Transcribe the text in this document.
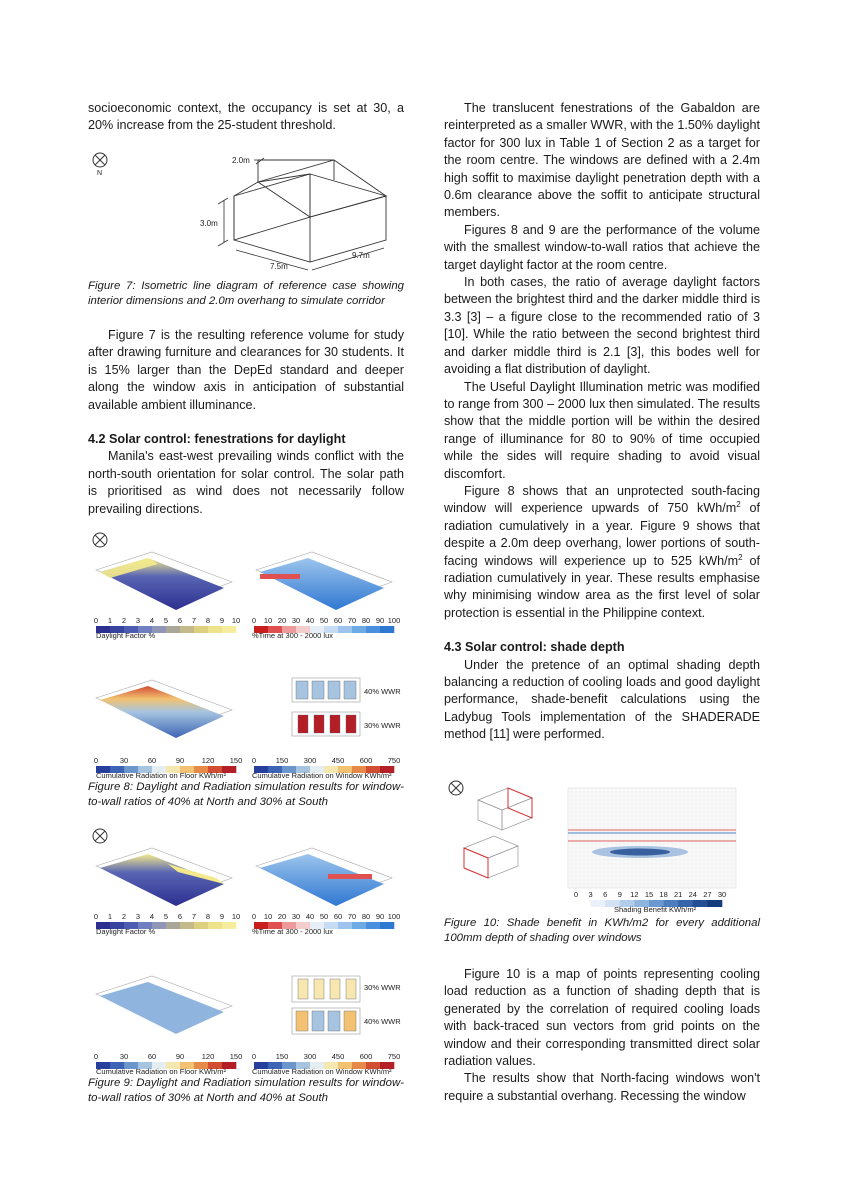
socioeconomic context, the occupancy is set at 30, a 20% increase from the 25-student threshold.

N
2.0m
3.0m
7.5m
9.7m
Figure 7: Isometric line diagram of reference case showing interior dimensions and 2.0m overhang to simulate corridor

Figure 7 is the resulting reference volume for study after drawing furniture and clearances for 30 students. It is 15% larger than the DepEd standard and deeper along the window axis in anticipation of substantial available ambient illuminance.

4.2 Solar control: fenestrations for daylight

Manila's east-west prevailing winds conflict with the north-south orientation for solar control. The solar path is prioritised as wind does not necessarily follow prevailing directions.

0 1 2 3 4 5 6 7 8 9 10 0 10 20 30 40 50 60 70 80 90 100
0	30	60	90 120 150 0	150 300 450 600 750
Daylight Factor %	%Time at 300 - 2000 lux
40% WWR
30% WWR
Cumulative Radiation on Floor KWh/m²	Cumulative Radiation on Window KWh/m²
Figure 8: Daylight and Radiation simulation results for window-to-wall ratios of 40% at North and 30% at South
0 1 2 3 4 5 6 7 8 9 10 0 10 20 30 40 50 60 70 80 90 100
0	30	60	90 120 150 0	150 300 450 600 750
Daylight Factor %	%Time at 300 - 2000 lux
30% WWR
40% WWR
Cumulative Radiation on Floor KWh/m²	Cumulative Radiation on Window KWh/m²
Figure 9: Daylight and Radiation simulation results for window-to-wall ratios of 30% at North and 40% at South

The translucent fenestrations of the Gabaldon are reinterpreted as a smaller WWR, with the 1.50% daylight factor for 300 lux in Table 1 of Section 2 as a target for the room centre. The windows are defined with a 2.4m high soffit to maximise daylight penetration depth with a 0.6m clearance above the soffit to anticipate structural members.

Figures 8 and 9 are the performance of the volume with the smallest window-to-wall ratios that achieve the target daylight factor at the room centre.

In both cases, the ratio of average daylight factors between the brightest third and the darker middle third is 3.3 [3] – a figure close to the recommended ratio of 3 [10]. While the ratio between the second brightest third and darker middle third is 2.1 [3], this bodes well for avoiding a flat distribution of daylight.

The Useful Daylight Illumination metric was modified to range from 300 – 2000 lux then simulated. The results show that the middle portion will be within the desired range of illuminance for 80 to 90% of time occupied while the sides will require shading to avoid visual discomfort.

Figure 8 shows that an unprotected south-facing window will experience upwards of 750 kWh/$m^2$ of radiation cumulatively in a year. Figure 9 shows that despite a 2.0m deep overhang, lower portions of south-facing windows will experience up to 525 kWh/$m^2$ of radiation cumulatively in year. These results emphasise why minimising window area as the first level of solar protection is essential in the Philippine context.

4.3 Solar control: shade depth

Under the pretence of an optimal shading depth balancing a reduction of cooling loads and good daylight performance, shade-benefit calculations using the Ladybug Tools implementation of the SHADERADE method [11] were performed.

0 3 6 9 12 15 18 21 24 27 30
Shading Benefit KWh/m²
Figure 10: Shade benefit in KWh/m2 for every additional 100mm depth of shading over windows

Figure 10 is a map of points representing cooling load reduction as a function of shading depth that is generated by the correlation of required cooling loads with back-traced sun vectors from grid points on the window and their corresponding transmitted direct solar radiation values.

The results show that North-facing windows won't require a substantial overhang. Recessing the window
